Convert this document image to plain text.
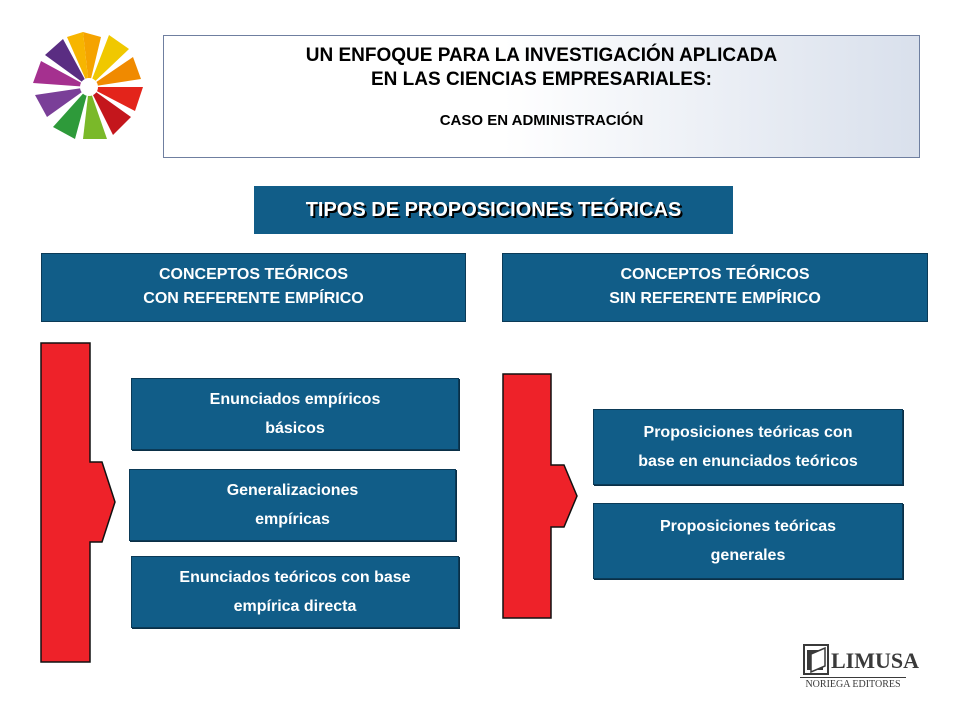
UN ENFOQUE PARA LA INVESTIGACIÓN APLICADA
EN LAS CIENCIAS EMPRESARIALES:
CASO EN ADMINISTRACIÓN
TIPOS DE PROPOSICIONES TEÓRICAS
CONCEPTOS TEÓRICOS
CON REFERENTE EMPÍRICO
CONCEPTOS TEÓRICOS
SIN REFERENTE EMPÍRICO
Enunciados empíricos
básicos
Generalizaciones
empíricas
Enunciados teóricos con base
empírica directa
Proposiciones teóricas con
base en enunciados teóricos
Proposiciones teóricas
generales
LIMUSA
NORIEGA EDITORES
